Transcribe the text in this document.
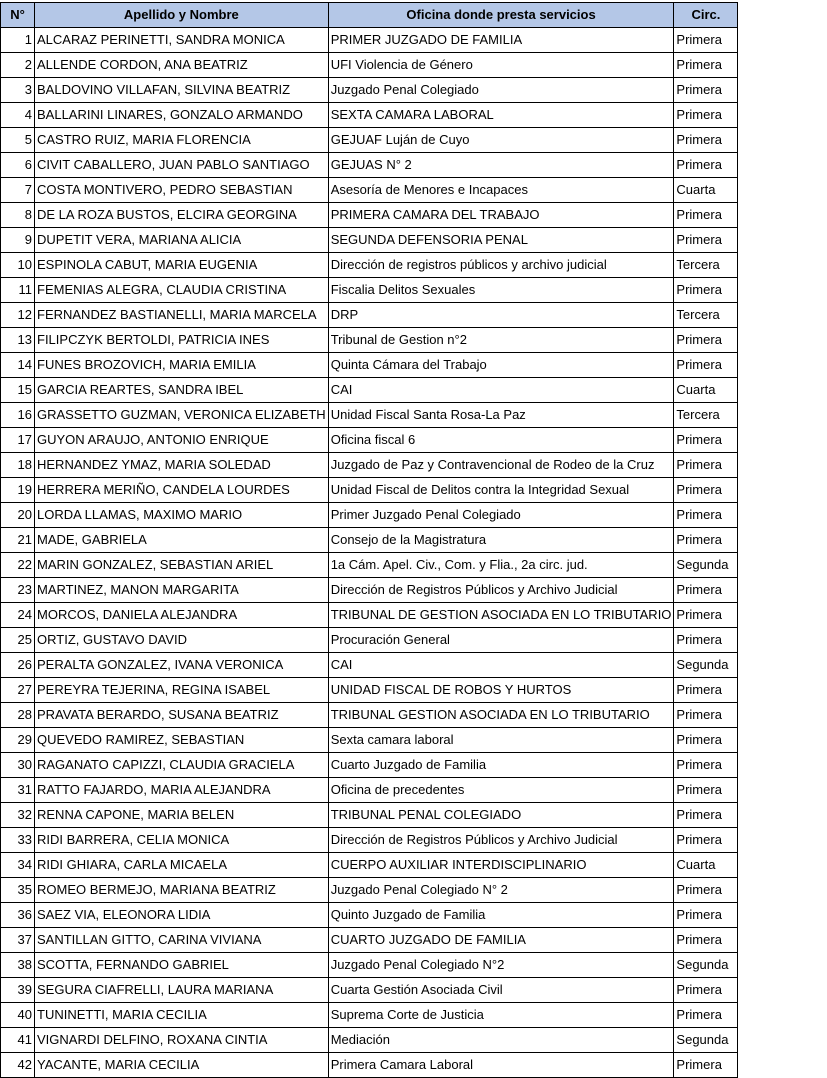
N°	Apellido y Nombre	Oficina donde presta servicios	Circ.
1	ALCARAZ PERINETTI, SANDRA MONICA	PRIMER JUZGADO DE FAMILIA	Primera
2	ALLENDE CORDON, ANA BEATRIZ	UFI Violencia de Género	Primera
3	BALDOVINO VILLAFAN, SILVINA BEATRIZ	Juzgado Penal Colegiado	Primera
4	BALLARINI LINARES, GONZALO ARMANDO	SEXTA CAMARA LABORAL	Primera
5	CASTRO RUIZ, MARIA FLORENCIA	GEJUAF Luján de Cuyo	Primera
6	CIVIT CABALLERO, JUAN PABLO SANTIAGO	GEJUAS N° 2	Primera
7	COSTA MONTIVERO, PEDRO SEBASTIAN	Asesoría de Menores e Incapaces	Cuarta
8	DE LA ROZA BUSTOS, ELCIRA GEORGINA	PRIMERA CAMARA DEL TRABAJO	Primera
9	DUPETIT VERA, MARIANA ALICIA	SEGUNDA DEFENSORIA PENAL	Primera
10	ESPINOLA CABUT, MARIA EUGENIA	Dirección de registros públicos y archivo judicial	Tercera
11	FEMENIAS ALEGRA, CLAUDIA CRISTINA	Fiscalia Delitos Sexuales	Primera
12	FERNANDEZ BASTIANELLI, MARIA MARCELA	DRP	Tercera
13	FILIPCZYK BERTOLDI, PATRICIA INES	Tribunal de Gestion n°2	Primera
14	FUNES BROZOVICH, MARIA EMILIA	Quinta Cámara del Trabajo	Primera
15	GARCIA REARTES, SANDRA IBEL	CAI	Cuarta
16	GRASSETTO GUZMAN, VERONICA ELIZABETH	Unidad Fiscal Santa Rosa-La Paz	Tercera
17	GUYON ARAUJO, ANTONIO ENRIQUE	Oficina fiscal 6	Primera
18	HERNANDEZ YMAZ, MARIA SOLEDAD	Juzgado de Paz y Contravencional de Rodeo de la Cruz	Primera
19	HERRERA MERIÑO, CANDELA LOURDES	Unidad Fiscal de Delitos contra la Integridad Sexual	Primera
20	LORDA LLAMAS, MAXIMO MARIO	Primer Juzgado Penal Colegiado	Primera
21	MADE, GABRIELA	Consejo de la Magistratura	Primera
22	MARIN GONZALEZ, SEBASTIAN ARIEL	1a Cám. Apel. Civ., Com. y Flia., 2a circ. jud.	Segunda
23	MARTINEZ, MANON MARGARITA	Dirección de Registros Públicos y Archivo Judicial	Primera
24	MORCOS, DANIELA ALEJANDRA	TRIBUNAL DE GESTION ASOCIADA EN LO TRIBUTARIO	Primera
25	ORTIZ, GUSTAVO DAVID	Procuración General	Primera
26	PERALTA GONZALEZ, IVANA VERONICA	CAI	Segunda
27	PEREYRA TEJERINA, REGINA ISABEL	UNIDAD FISCAL DE ROBOS Y HURTOS	Primera
28	PRAVATA BERARDO, SUSANA BEATRIZ	TRIBUNAL GESTION ASOCIADA EN LO TRIBUTARIO	Primera
29	QUEVEDO RAMIREZ, SEBASTIAN	Sexta camara laboral	Primera
30	RAGANATO CAPIZZI, CLAUDIA GRACIELA	Cuarto Juzgado de Familia	Primera
31	RATTO FAJARDO, MARIA ALEJANDRA	Oficina de precedentes	Primera
32	RENNA CAPONE, MARIA BELEN	TRIBUNAL PENAL COLEGIADO	Primera
33	RIDI BARRERA, CELIA MONICA	Dirección de Registros Públicos y Archivo Judicial	Primera
34	RIDI GHIARA, CARLA MICAELA	CUERPO AUXILIAR INTERDISCIPLINARIO	Cuarta
35	ROMEO BERMEJO, MARIANA BEATRIZ	Juzgado Penal Colegiado N° 2	Primera
36	SAEZ VIA, ELEONORA LIDIA	Quinto Juzgado de Familia	Primera
37	SANTILLAN GITTO, CARINA VIVIANA	CUARTO JUZGADO DE FAMILIA	Primera
38	SCOTTA, FERNANDO GABRIEL	Juzgado Penal Colegiado N°2	Segunda
39	SEGURA CIAFRELLI, LAURA MARIANA	Cuarta Gestión Asociada Civil	Primera
40	TUNINETTI, MARIA CECILIA	Suprema Corte de Justicia	Primera
41	VIGNARDI DELFINO, ROXANA CINTIA	Mediación	Segunda
42	YACANTE, MARIA CECILIA	Primera Camara Laboral	Primera
